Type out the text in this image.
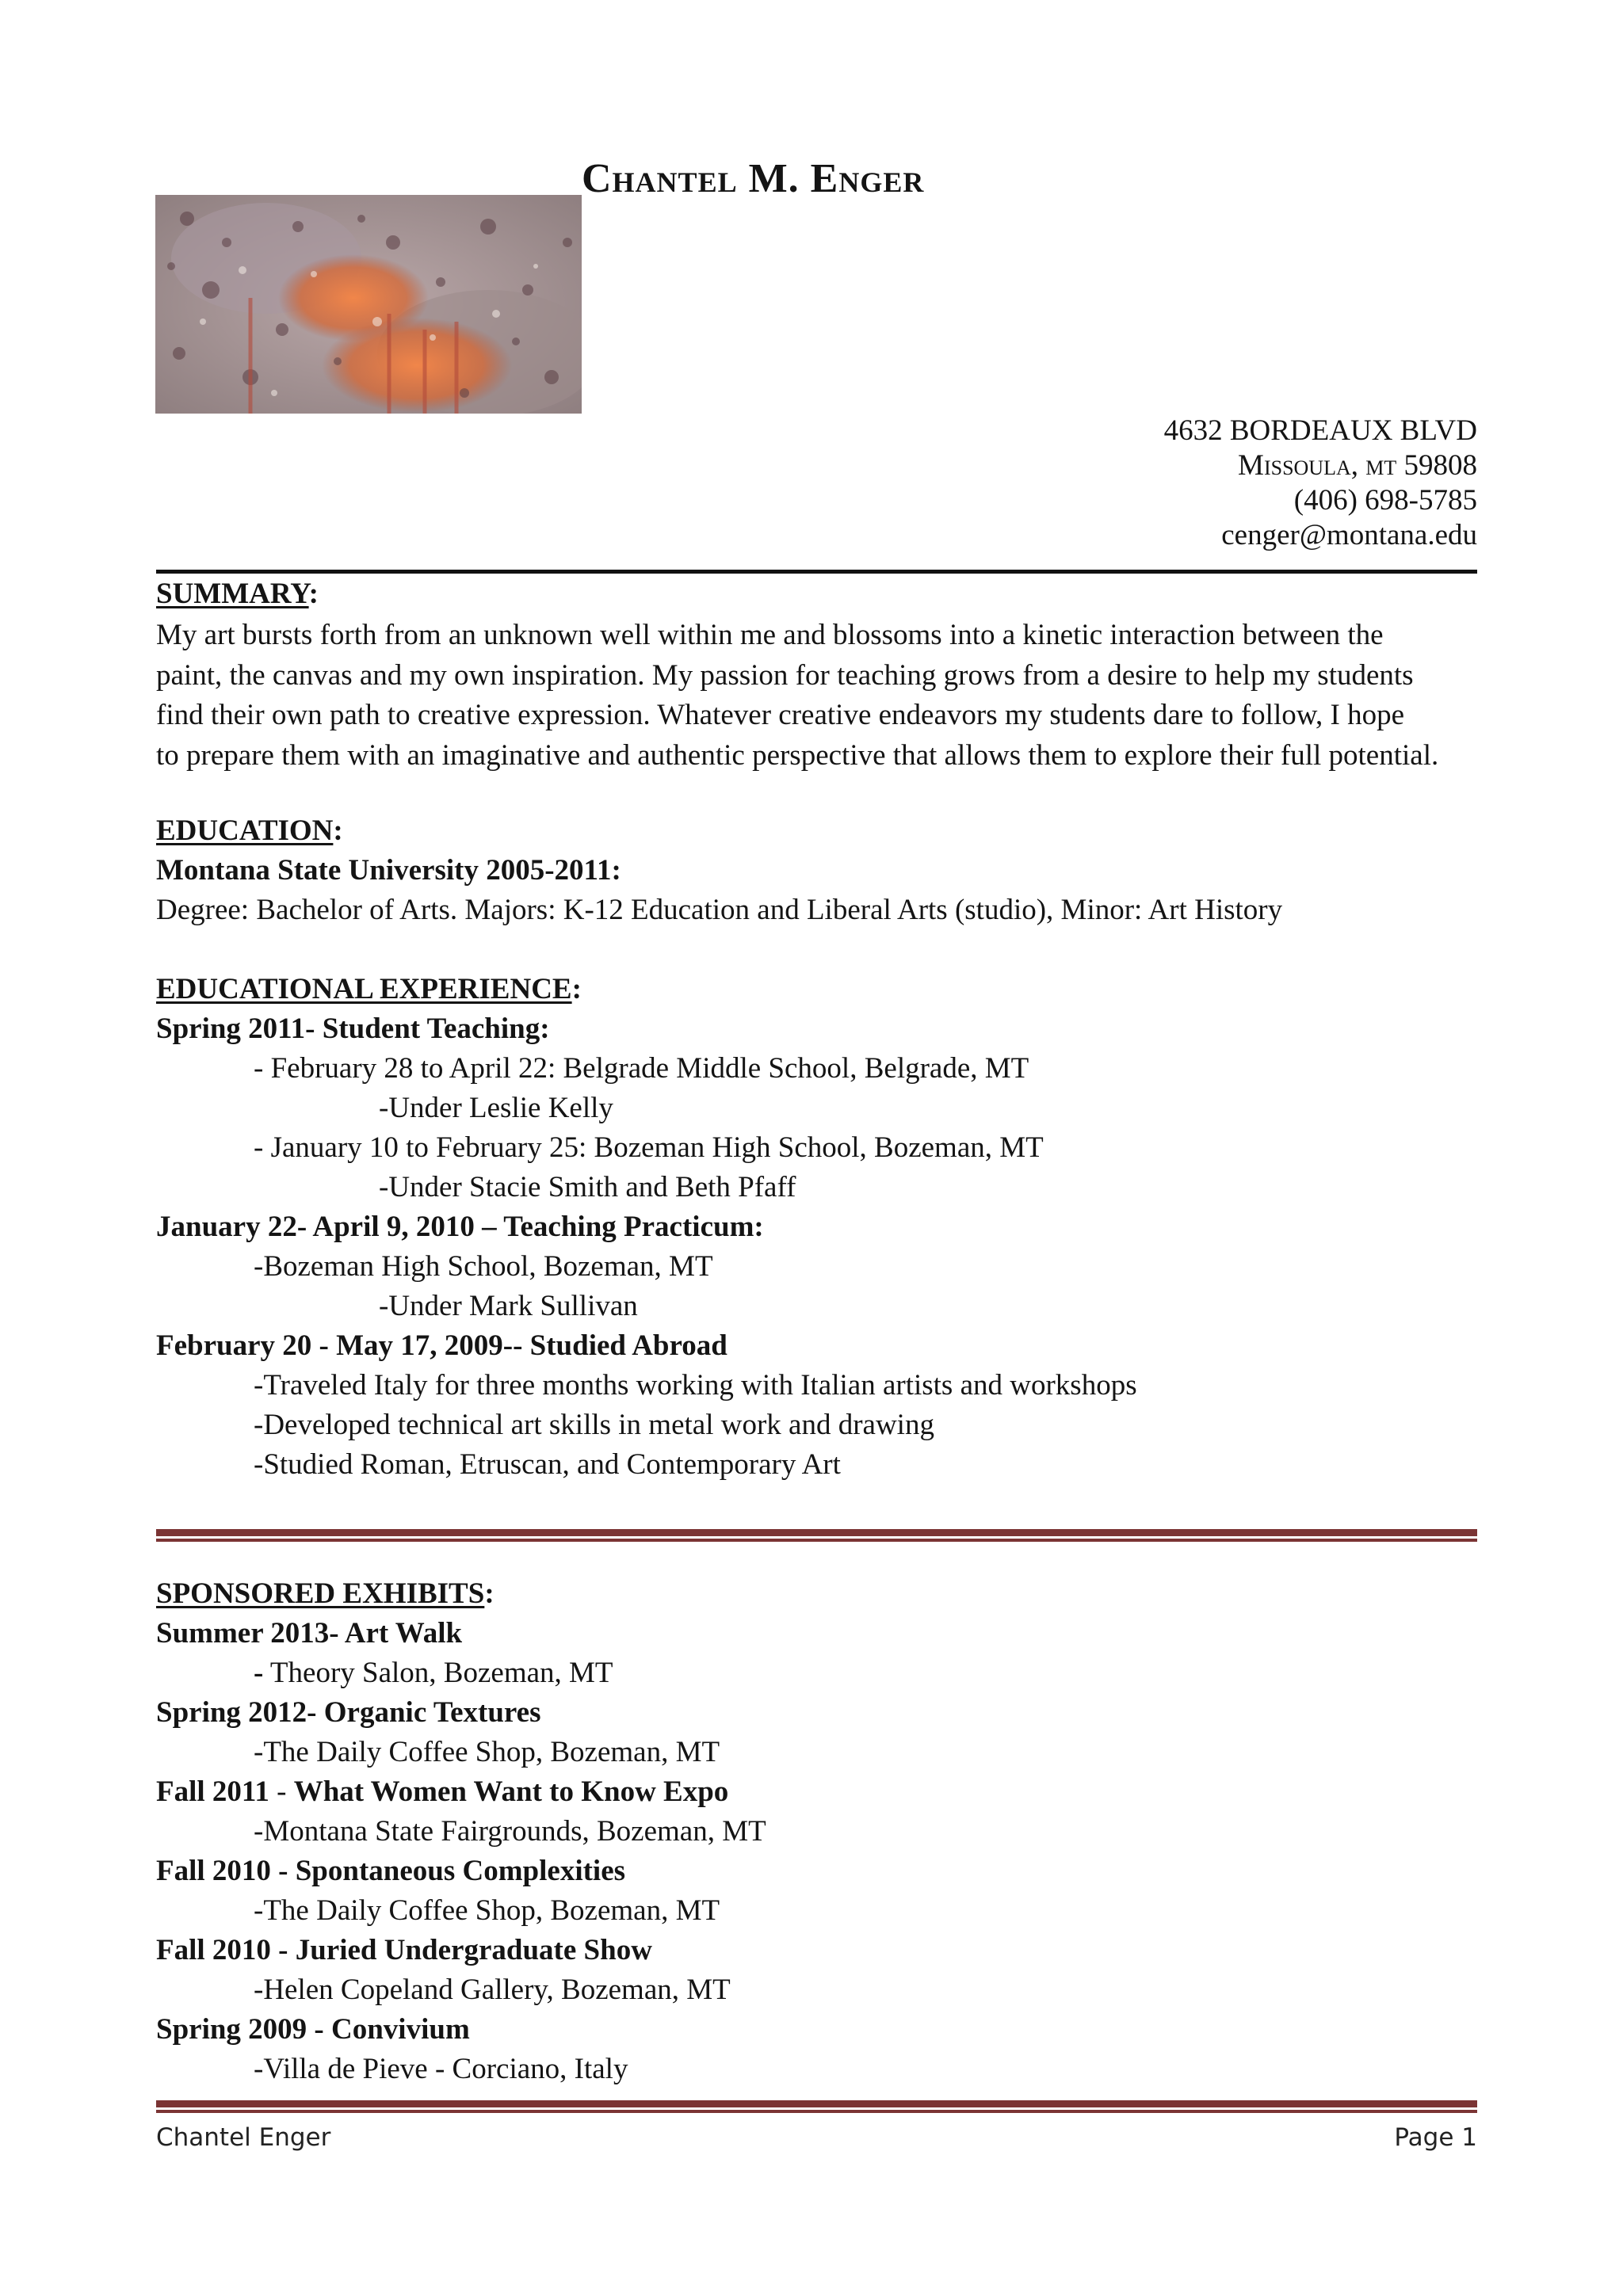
Chantel M. Enger
4632 BORDEAUX BLVD
Missoula, mt 59808
(406) 698-5785
cenger@montana.edu
SUMMARY:
My art bursts forth from an unknown well within me and blossoms into a kinetic interaction between the
paint, the canvas and my own inspiration. My passion for teaching grows from a desire to help my students
find their own path to creative expression. Whatever creative endeavors my students dare to follow, I hope
to prepare them with an imaginative and authentic perspective that allows them to explore their full potential.
EDUCATION:
Montana State University 2005-2011:
Degree: Bachelor of Arts. Majors: K-12 Education and Liberal Arts (studio), Minor: Art History
EDUCATIONAL EXPERIENCE:
Spring 2011- Student Teaching:
- February 28 to April 22: Belgrade Middle School, Belgrade, MT
-Under Leslie Kelly
- January 10 to February 25: Bozeman High School, Bozeman, MT
-Under Stacie Smith and Beth Pfaff
January 22- April 9, 2010 – Teaching Practicum:
-Bozeman High School, Bozeman, MT
-Under Mark Sullivan
February 20 - May 17, 2009-- Studied Abroad
-Traveled Italy for three months working with Italian artists and workshops
-Developed technical art skills in metal work and drawing
-Studied Roman, Etruscan, and Contemporary Art
SPONSORED EXHIBITS:
Summer 2013- Art Walk
- Theory Salon, Bozeman, MT
Spring 2012- Organic Textures
-The Daily Coffee Shop, Bozeman, MT
Fall 2011 - What Women Want to Know Expo
-Montana State Fairgrounds, Bozeman, MT
Fall 2010 - Spontaneous Complexities
-The Daily Coffee Shop, Bozeman, MT
Fall 2010 - Juried Undergraduate Show
-Helen Copeland Gallery, Bozeman, MT
Spring 2009 - Convivium
-Villa de Pieve - Corciano, Italy
Chantel Enger	Page 1
